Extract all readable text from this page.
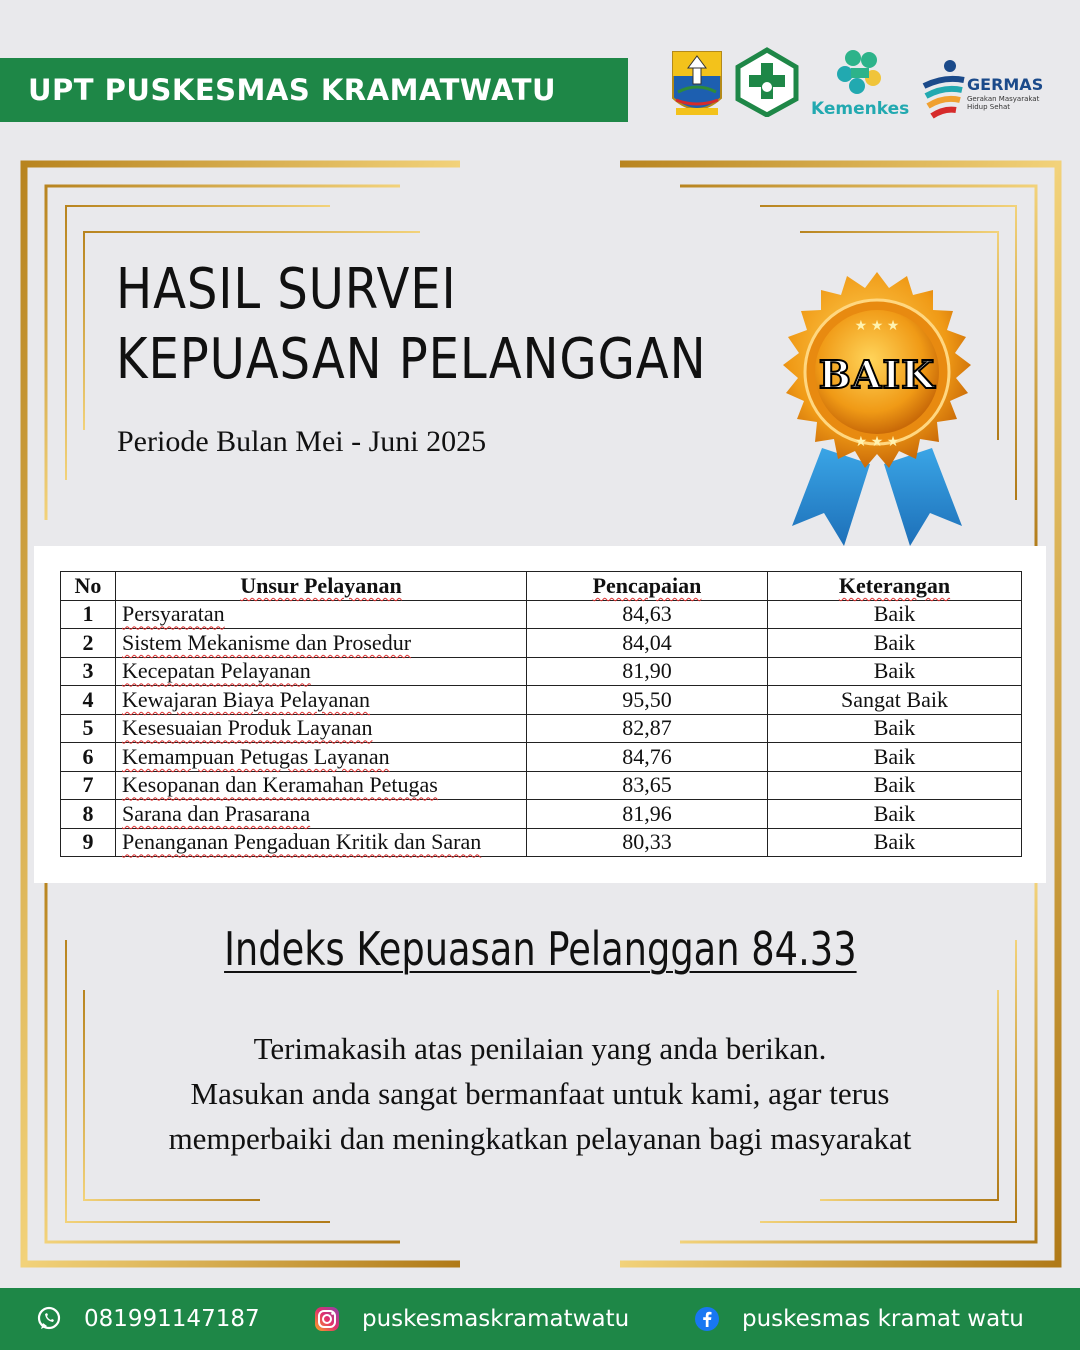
UPT PUSKESMAS KRAMATWATU
Kemenkes
GERMAS
Gerakan Masyarakat Hidup Sehat
HASIL SURVEI
KEPUASAN PELANGGAN
Periode Bulan Mei - Juni 2025
★ ★ ★
★ ★ ★
BAIK
No	Unsur Pelayanan	Pencapaian	Keterangan
1	Persyaratan	84,63	Baik
2	Sistem Mekanisme dan Prosedur	84,04	Baik
3	Kecepatan Pelayanan	81,90	Baik
4	Kewajaran Biaya Pelayanan	95,50	Sangat Baik
5	Kesesuaian Produk Layanan	82,87	Baik
6	Kemampuan Petugas Layanan	84,76	Baik
7	Kesopanan dan Keramahan Petugas	83,65	Baik
8	Sarana dan Prasarana	81,96	Baik
9	Penanganan Pengaduan Kritik dan Saran	80,33	Baik
Indeks Kepuasan Pelanggan 84.33
Terimakasih atas penilaian yang anda berikan.
Masukan anda sangat bermanfaat untuk kami, agar terus
memperbaiki dan meningkatkan pelayanan bagi masyarakat
081991147187	puskesmaskramatwatu	puskesmas kramat watu
